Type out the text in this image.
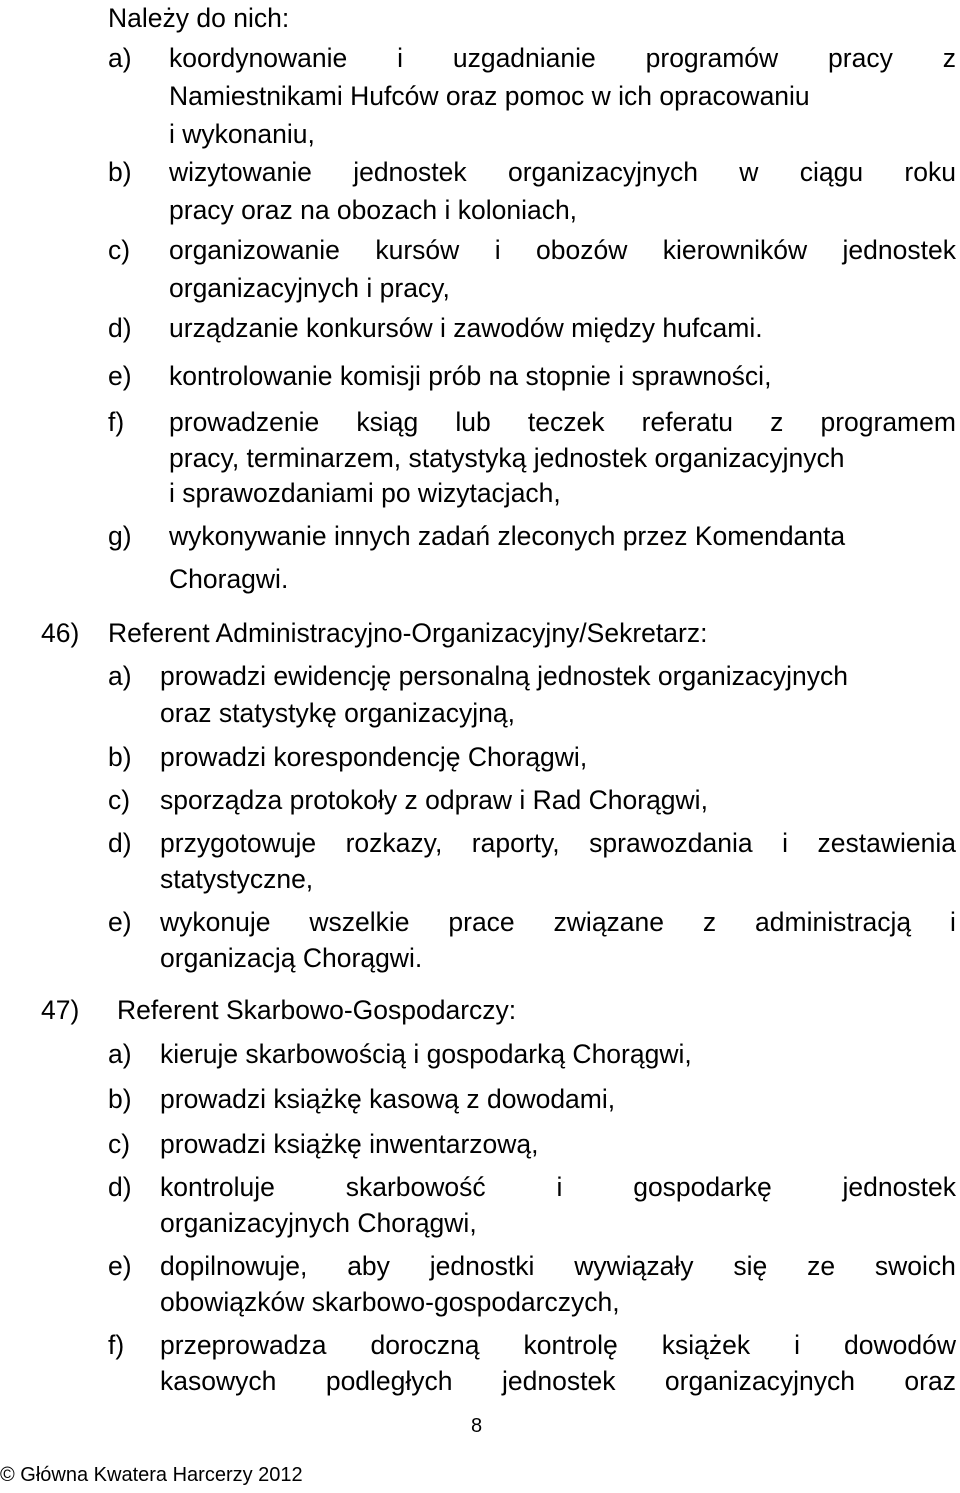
Należy do nich:
a) koordynowanie i uzgadnianie programów pracy z
Namiestnikami Hufców oraz pomoc w ich opracowaniu
i wykonaniu,
b) wizytowanie jednostek organizacyjnych w ciągu roku
pracy oraz na obozach i koloniach,
c) organizowanie kursów i obozów kierowników jednostek
organizacyjnych i pracy,
d) urządzanie konkursów i zawodów między hufcami.
e) kontrolowanie komisji prób na stopnie i sprawności,
f) prowadzenie ksiąg lub teczek referatu z programem
pracy, terminarzem, statystyką jednostek organizacyjnych
i sprawozdaniami po wizytacjach,
g) wykonywanie innych zadań zleconych przez Komendanta
Choragwi.
46) Referent Administracyjno-Organizacyjny/Sekretarz:
a) prowadzi ewidencję personalną jednostek organizacyjnych
oraz statystykę organizacyjną,
b) prowadzi korespondencję Chorągwi,
c) sporządza protokoły z odpraw i Rad Chorągwi,
d) przygotowuje rozkazy, raporty, sprawozdania i zestawienia
statystyczne,
e) wykonuje wszelkie prace związane z administracją i
organizacją Chorągwi.
47) Referent Skarbowo-Gospodarczy:
a) kieruje skarbowością i gospodarką Chorągwi,
b) prowadzi książkę kasową z dowodami,
c) prowadzi książkę inwentarzową,
d) kontroluje	skarbowość	i	gospodarkę	jednostek
organizacyjnych Chorągwi,
e) dopilnowuje, aby jednostki wywiązały się ze swoich
obowiązków skarbowo-gospodarczych,
f) przeprowadza doroczną kontrolę książek i dowodów
kasowych podległych jednostek organizacyjnych oraz
8
© Główna Kwatera Harcerzy 2012
